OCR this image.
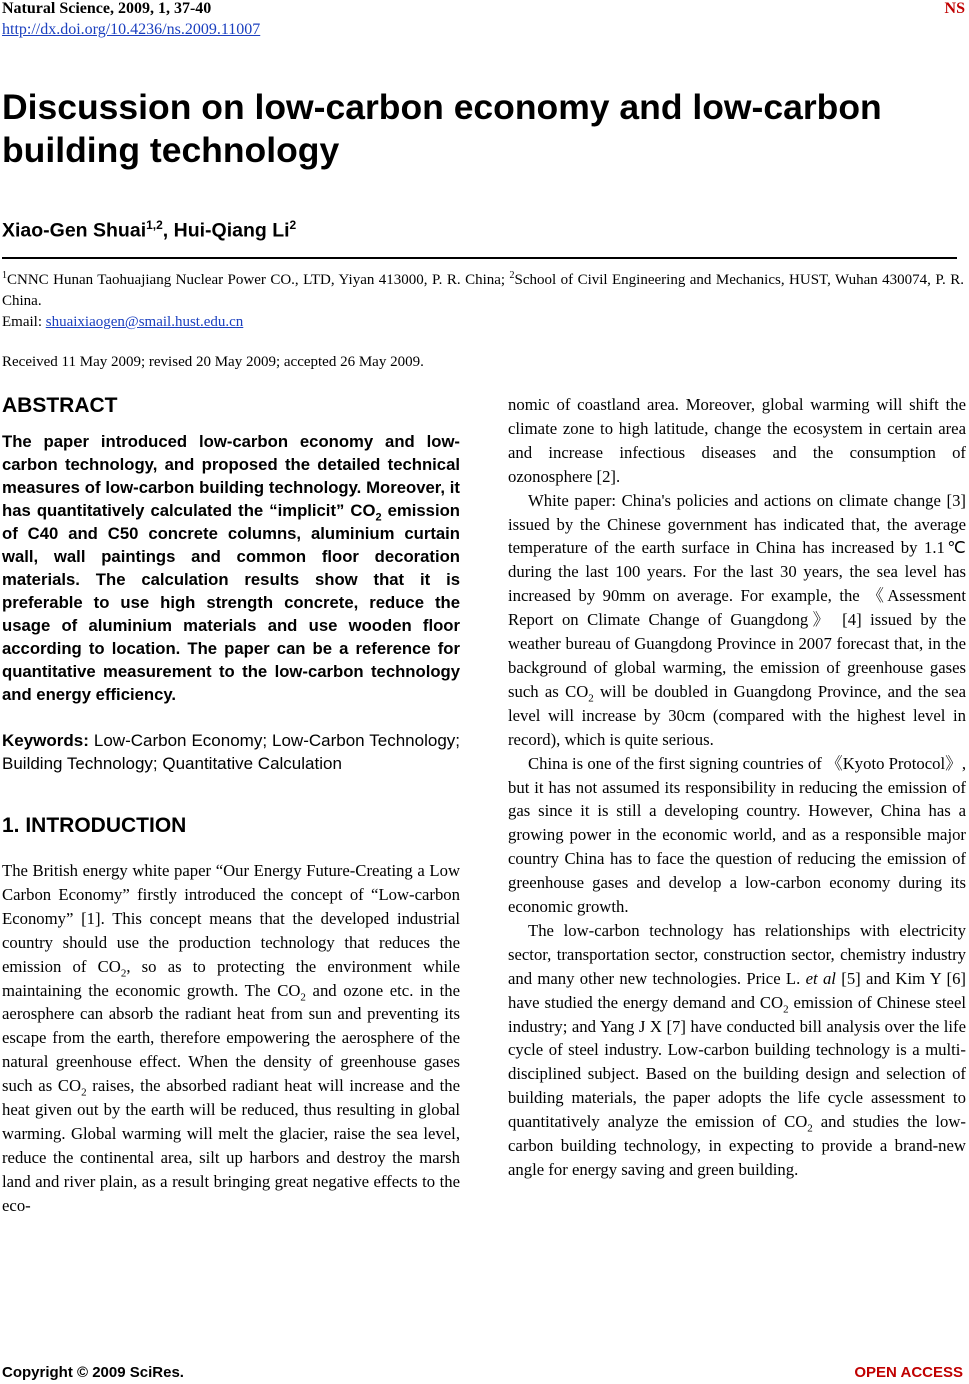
Natural Science, 2009, 1, 37-40	NS
http://dx.doi.org/10.4236/ns.2009.11007
Discussion on low-carbon economy and low-carbon building technology
Xiao-Gen Shuai$^{1,2}$, Hui-Qiang Li$^2$
$^1$CNNC Hunan Taohuajiang Nuclear Power CO., LTD, Yiyan 413000, P. R. China; $^2$School of Civil Engineering and Mechanics, HUST, Wuhan 430074, P. R. China.
Email: shuaixiaogen@smail.hust.edu.cn
Received 11 May 2009; revised 20 May 2009; accepted 26 May 2009.
ABSTRACT

The paper introduced low-carbon economy and low-carbon technology, and proposed the detailed technical measures of low-carbon building technology. Moreover, it has quantitatively calculated the “implicit” $CO_2$ emission of C40 and C50 concrete columns, aluminium curtain wall, wall paintings and common floor decoration materials. The calculation results show that it is preferable to use high strength concrete, reduce the usage of aluminium materials and use wooden floor according to location. The paper can be a reference for quantitative measurement to the low-carbon technology and energy efficiency.

Keywords: Low-Carbon Economy; Low-Carbon Technology; Building Technology; Quantitative Calculation

1. INTRODUCTION

The British energy white paper “Our Energy Future-Creating a Low Carbon Economy” firstly introduced the concept of “Low-carbon Economy” [1]. This concept means that the developed industrial country should use the production technology that reduces the emission of $CO_2$, so as to protecting the environment while maintaining the economic growth. The $CO_2$ and ozone etc. in the aerosphere can absorb the radiant heat from sun and preventing its escape from the earth, therefore empowering the aerosphere of the natural greenhouse effect. When the density of greenhouse gases such as $CO_2$ raises, the absorbed radiant heat will increase and the heat given out by the earth will be reduced, thus resulting in global warming. Global warming will melt the glacier, raise the sea level, reduce the continental area, silt up harbors and destroy the marsh land and river plain, as a result bringing great negative effects to the eco-

nomic of coastland area. Moreover, global warming will shift the climate zone to high latitude, change the ecosystem in certain area and increase infectious diseases and the consumption of ozonosphere [2].

White paper: China's policies and actions on climate change [3] issued by the Chinese government has indicated that, the average temperature of the earth surface in China has increased by 1.1℃ during the last 100 years. For the last 30 years, the sea level has increased by 90mm on average. For example, the 《Assessment Report on Climate Change of Guangdong》 [4] issued by the weather bureau of Guangdong Province in 2007 forecast that, in the background of global warming, the emission of greenhouse gases such as $CO_2$ will be doubled in Guangdong Province, and the sea level will increase by 30cm (compared with the highest level in record), which is quite serious.

China is one of the first signing countries of 《Kyoto Protocol》, but it has not assumed its responsibility in reducing the emission of gas since it is still a developing country. However, China has a growing power in the economic world, and as a responsible major country China has to face the question of reducing the emission of greenhouse gases and develop a low-carbon economy during its economic growth.

The low-carbon technology has relationships with electricity sector, transportation sector, construction sector, chemistry industry and many other new technologies. Price L. et al [5] and Kim Y [6] have studied the energy demand and $CO_2$ emission of Chinese steel industry; and Yang J X [7] have conducted bill analysis over the life cycle of steel industry. Low-carbon building technology is a multi-disciplined subject. Based on the building design and selection of building materials, the paper adopts the life cycle assessment to quantitatively analyze the emission of $CO_2$ and studies the low-carbon building technology, in expecting to provide a brand-new angle for energy saving and green building.

Copyright © 2009 SciRes.	OPEN ACCESS
